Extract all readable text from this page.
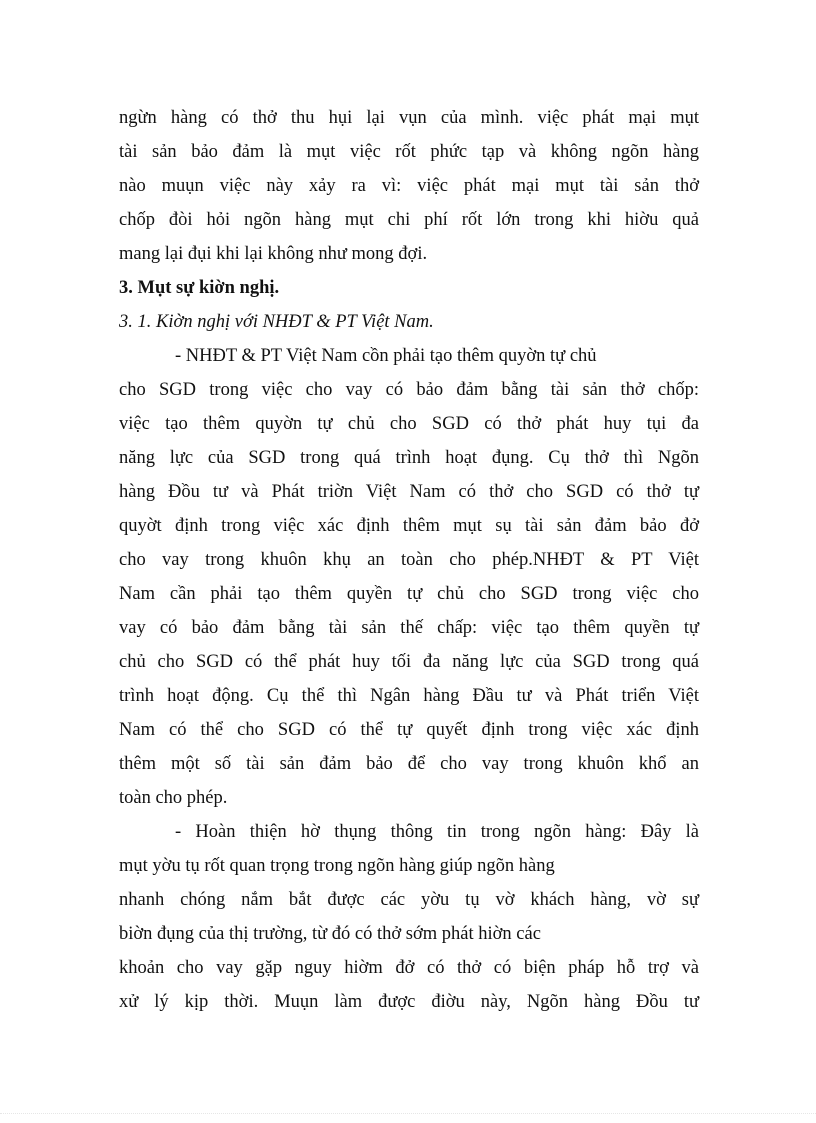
ngừn hàng có thở thu hụi lại vụn của mình. việc phát mại mụt
tài sản bảo đảm là mụt việc rốt phức tạp và không ngõn hàng
nào muụn việc này xảy ra vì: việc phát mại mụt tài sản thở
chốp đòi hỏi ngõn hàng mụt chi phí rốt lớn trong khi hiờu quả
mang lại đụi khi lại không như mong đợi.
3. Mụt sự kiờn nghị.
3. 1. Kiờn nghị với NHĐT & PT Việt Nam.
- NHĐT & PT Việt Nam cồn phải tạo thêm quyờn tự chủ
cho SGD trong việc cho vay có bảo đảm bằng tài sản thở chốp:
việc tạo thêm quyờn tự chủ cho SGD có thở phát huy tụi đa
năng lực của SGD trong quá trình hoạt đụng. Cụ thở thì Ngõn
hàng Đồu tư và Phát triờn Việt Nam có thở cho SGD có thở tự
quyờt định trong việc xác định thêm mụt sụ tài sản đảm bảo đở
cho vay trong khuôn khụ an toàn cho phép.NHĐT & PT Việt
Nam cần phải tạo thêm quyền tự chủ cho SGD trong việc cho
vay có bảo đảm bằng tài sản thế chấp: việc tạo thêm quyền tự
chủ cho SGD có thể phát huy tối đa năng lực của SGD trong quá
trình hoạt động. Cụ thể thì Ngân hàng Đầu tư và Phát triển Việt
Nam có thể cho SGD có thể tự quyết định trong việc xác định
thêm một số tài sản đảm bảo để cho vay trong khuôn khổ an
toàn cho phép.
- Hoàn thiện hờ thụng thông tin trong ngõn hàng: Đây là
mụt yờu tụ rốt quan trọng trong ngõn hàng giúp ngõn hàng
nhanh chóng nắm bắt được các yờu tụ vờ khách hàng, vờ sự
biờn đụng của thị trường, từ đó có thở sớm phát hiờn các
khoản cho vay gặp nguy hiờm đở có thở có biện pháp hỗ trợ và
xử lý kịp thời. Muụn làm được điờu này, Ngõn hàng Đồu tư
